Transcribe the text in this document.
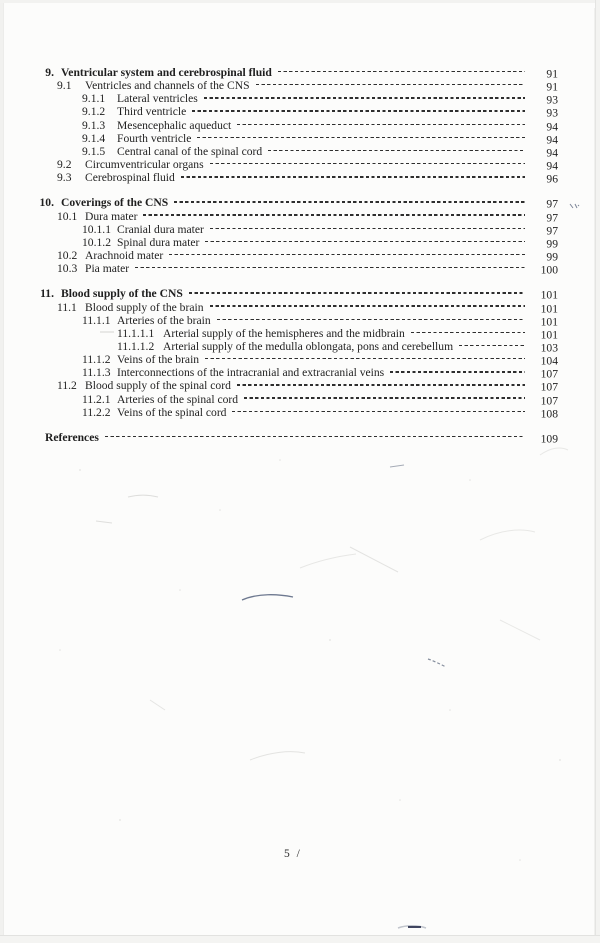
9. Ventricular system and cerebrospinal fluid	91
9.1	Ventricles and channels of the CNS	91
9.1.1	Lateral ventricles	93
9.1.2	Third ventricle	93
9.1.3	Mesencephalic aqueduct	94
9.1.4	Fourth ventricle	94
9.1.5	Central canal of the spinal cord	94
9.2	Circumventricular organs	94
9.3	Cerebrospinal fluid	96
10. Coverings of the CNS	97
10.1 Dura mater	97
10.1.1 Cranial dura mater	97
10.1.2 Spinal dura mater	99
10.2 Arachnoid mater	99
10.3 Pia mater	100
11. Blood supply of the CNS	101
11.1 Blood supply of the brain	101
11.1.1 Arteries of the brain	101
11.1.1.1 Arterial supply of the hemispheres and the midbrain	101
11.1.1.2 Arterial supply of the medulla oblongata, pons and cerebellum	103
11.1.2 Veins of the brain	104
11.1.3 Interconnections of the intracranial and extracranial veins	107
11.2 Blood supply of the spinal cord	107
11.2.1 Arteries of the spinal cord	107
11.2.2 Veins of the spinal cord	108
References	109
5 /
